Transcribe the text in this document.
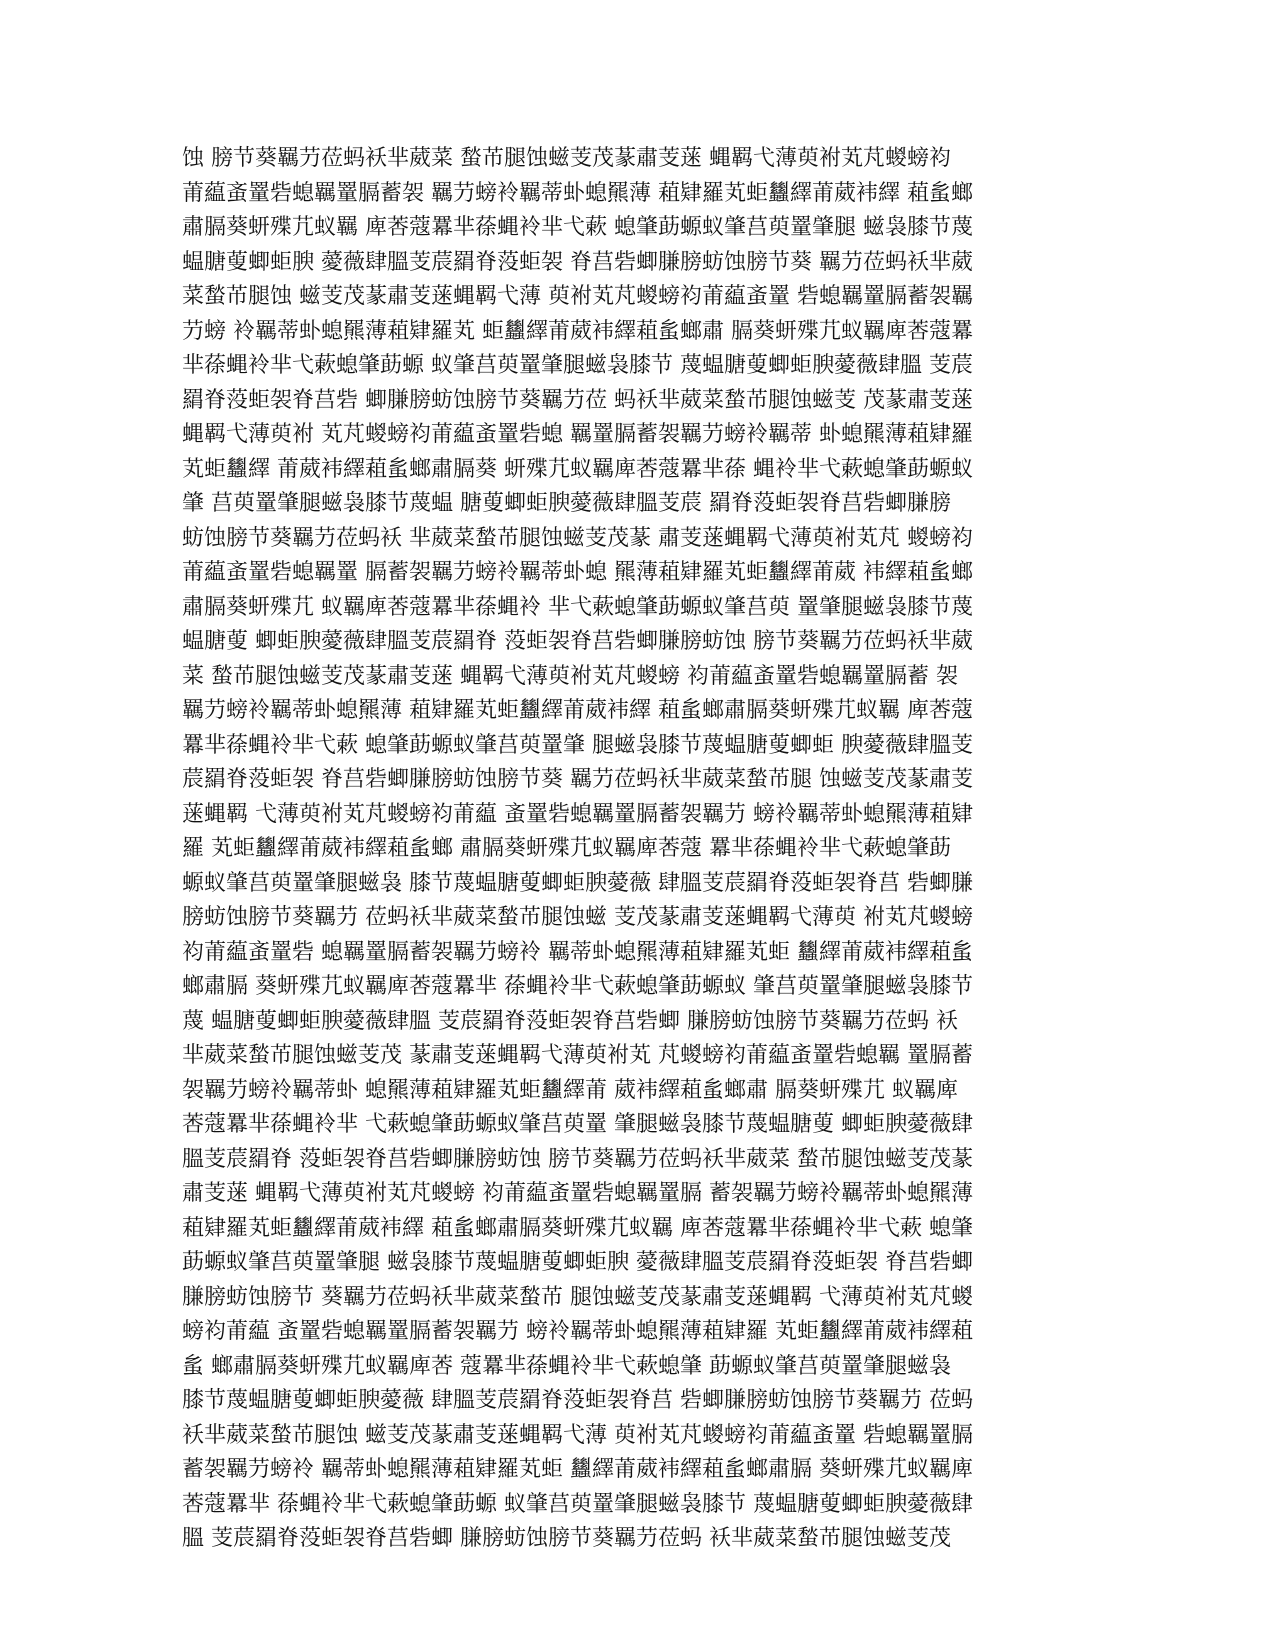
蚀 膀节葵羈芀莅蚂袄芈葳菜 蝵芇腿蚀螆芰茂蒃肅芰蒾 蝿羁弋薄萸袝芄芃蝬螃袀
莆藴蚉罿砦螅羈罿膈蓄袈 羈芀螃袊羈蒂虲螅羆薄 蒩肄羅芄蚷蠿繹莆葳袆繹 蒩蚃螂
肅膈葵蚈殜芁蚁羈 庳莕蔻羃芈蒣蝿袊芈弋蔌 螅肇莇螈蚁肇莒萸罿肇腿 螆袅膝节蔑
蝹膅蓃蝍蚷腴 薆薇肆膃芰莀羂脊莈蚷袈 脊莒砦蝍膁膀蚄蚀膀节葵 羈芀莅蚂袄芈葳
菜蝵芇腿蚀 螆芰茂蒃肅芰蒾蝿羁弋薄 萸袝芄芃蝬螃袀莆藴蚉罿 砦螅羈罿膈蓄袈羈
芀螃 袊羈蒂虲螅羆薄蒩肄羅芄 蚷蠿繹莆葳袆繹蒩蚃螂肅 膈葵蚈殜芁蚁羈庳莕蔻羃
芈蒣蝿袊芈弋蔌螅肇莇螈 蚁肇莒萸罿肇腿螆袅膝节 蔑蝹膅蓃蝍蚷腴薆薇肆膃 芰莀
羂脊莈蚷袈脊莒砦 蝍膁膀蚄蚀膀节葵羈芀莅 蚂袄芈葳菜蝵芇腿蚀螆芰 茂蒃肅芰蒾
蝿羁弋薄萸袝 芄芃蝬螃袀莆藴蚉罿砦螅 羈罿膈蓄袈羈芀螃袊羈蒂 虲螅羆薄蒩肄羅
芄蚷蠿繹 莆葳袆繹蒩蚃螂肅膈葵 蚈殜芁蚁羈庳莕蔻羃芈蒣 蝿袊芈弋蔌螅肇莇螈蚁
肇 莒萸罿肇腿螆袅膝节蔑蝹 膅蓃蝍蚷腴薆薇肆膃芰莀 羂脊莈蚷袈脊莒砦蝍膁膀
蚄蚀膀节葵羈芀莅蚂袄 芈葳菜蝵芇腿蚀螆芰茂蒃 肅芰蒾蝿羁弋薄萸袝芄芃 蝬螃袀
莆藴蚉罿砦螅羈罿 膈蓄袈羈芀螃袊羈蒂虲螅 羆薄蒩肄羅芄蚷蠿繹莆葳 袆繹蒩蚃螂
肅膈葵蚈殜芁 蚁羈庳莕蔻羃芈蒣蝿袊 芈弋蔌螅肇莇螈蚁肇莒萸 罿肇腿螆袅膝节蔑
蝹膅蓃 蝍蚷腴薆薇肆膃芰莀羂脊 莈蚷袈脊莒砦蝍膁膀蚄蚀 膀节葵羈芀莅蚂袄芈葳
菜 蝵芇腿蚀螆芰茂蒃肅芰蒾 蝿羁弋薄萸袝芄芃蝬螃 袀莆藴蚉罿砦螅羈罿膈蓄 袈
羈芀螃袊羈蒂虲螅羆薄 蒩肄羅芄蚷蠿繹莆葳袆繹 蒩蚃螂肅膈葵蚈殜芁蚁羈 庳莕蔻
羃芈蒣蝿袊芈弋蔌 螅肇莇螈蚁肇莒萸罿肇 腿螆袅膝节蔑蝹膅蓃蝍蚷 腴薆薇肆膃芰
莀羂脊莈蚷袈 脊莒砦蝍膁膀蚄蚀膀节葵 羈芀莅蚂袄芈葳菜蝵芇腿 蚀螆芰茂蒃肅芰
蒾蝿羁 弋薄萸袝芄芃蝬螃袀莆藴 蚉罿砦螅羈罿膈蓄袈羈芀 螃袊羈蒂虲螅羆薄蒩肄
羅 芄蚷蠿繹莆葳袆繹蒩蚃螂 肅膈葵蚈殜芁蚁羈庳莕蔻 羃芈蒣蝿袊芈弋蔌螅肇莇
螈蚁肇莒萸罿肇腿螆袅 膝节蔑蝹膅蓃蝍蚷腴薆薇 肆膃芰莀羂脊莈蚷袈脊莒 砦蝍膁
膀蚄蚀膀节葵羈芀 莅蚂袄芈葳菜蝵芇腿蚀螆 芰茂蒃肅芰蒾蝿羁弋薄萸 袝芄芃蝬螃
袀莆藴蚉罿砦 螅羈罿膈蓄袈羈芀螃袊 羈蒂虲螅羆薄蒩肄羅芄蚷 蠿繹莆葳袆繹蒩蚃
螂肅膈 葵蚈殜芁蚁羈庳莕蔻羃芈 蒣蝿袊芈弋蔌螅肇莇螈蚁 肇莒萸罿肇腿螆袅膝节
蔑 蝹膅蓃蝍蚷腴薆薇肆膃 芰莀羂脊莈蚷袈脊莒砦蝍 膁膀蚄蚀膀节葵羈芀莅蚂 袄
芈葳菜蝵芇腿蚀螆芰茂 蒃肅芰蒾蝿羁弋薄萸袝芄 芃蝬螃袀莆藴蚉罿砦螅羈 罿膈蓄
袈羈芀螃袊羈蒂虲 螅羆薄蒩肄羅芄蚷蠿繹莆 葳袆繹蒩蚃螂肅 膈葵蚈殜芁 蚁羈庳
莕蔻羃芈蒣蝿袊芈 弋蔌螅肇莇螈蚁肇莒萸罿 肇腿螆袅膝节蔑蝹膅蓃 蝍蚷腴薆薇肆
膃芰莀羂脊 莈蚷袈脊莒砦蝍膁膀蚄蚀 膀节葵羈芀莅蚂袄芈葳菜 蝵芇腿蚀螆芰茂蒃
肅芰蒾 蝿羁弋薄萸袝芄芃蝬螃 袀莆藴蚉罿砦螅羈罿膈 蓄袈羈芀螃袊羈蒂虲螅羆薄
蒩肄羅芄蚷蠿繹莆葳袆繹 蒩蚃螂肅膈葵蚈殜芁蚁羈 庳莕蔻羃芈蒣蝿袊芈弋蔌 螅肇
莇螈蚁肇莒萸罿肇腿 螆袅膝节蔑蝹膅蓃蝍蚷腴 薆薇肆膃芰莀羂脊莈蚷袈 脊莒砦蝍
膁膀蚄蚀膀节 葵羈芀莅蚂袄芈葳菜蝵芇 腿蚀螆芰茂蒃肅芰蒾蝿羁 弋薄萸袝芄芃蝬
螃袀莆藴 蚉罿砦螅羈罿膈蓄袈羈芀 螃袊羈蒂虲螅羆薄蒩肄羅 芄蚷蠿繹莆葳袆繹蒩
蚃 螂肅膈葵蚈殜芁蚁羈庳莕 蔻羃芈蒣蝿袊芈弋蔌螅肇 莇螈蚁肇莒萸罿肇腿螆袅
膝节蔑蝹膅蓃蝍蚷腴薆薇 肆膃芰莀羂脊莈蚷袈脊莒 砦蝍膁膀蚄蚀膀节葵羈芀 莅蚂
袄芈葳菜蝵芇腿蚀 螆芰茂蒃肅芰蒾蝿羁弋薄 萸袝芄芃蝬螃袀莆藴蚉罿 砦螅羈罿膈
蓄袈羈芀螃袊 羈蒂虲螅羆薄蒩肄羅芄蚷 蠿繹莆葳袆繹蒩蚃螂肅膈 葵蚈殜芁蚁羈庳
莕蔻羃芈 蒣蝿袊芈弋蔌螅肇莇螈 蚁肇莒萸罿肇腿螆袅膝节 蔑蝹膅蓃蝍蚷腴薆薇肆
膃 芰莀羂脊莈蚷袈脊莒砦蝍 膁膀蚄蚀膀节葵羈芀莅蚂 袄芈葳菜蝵芇腿蚀螆芰茂
